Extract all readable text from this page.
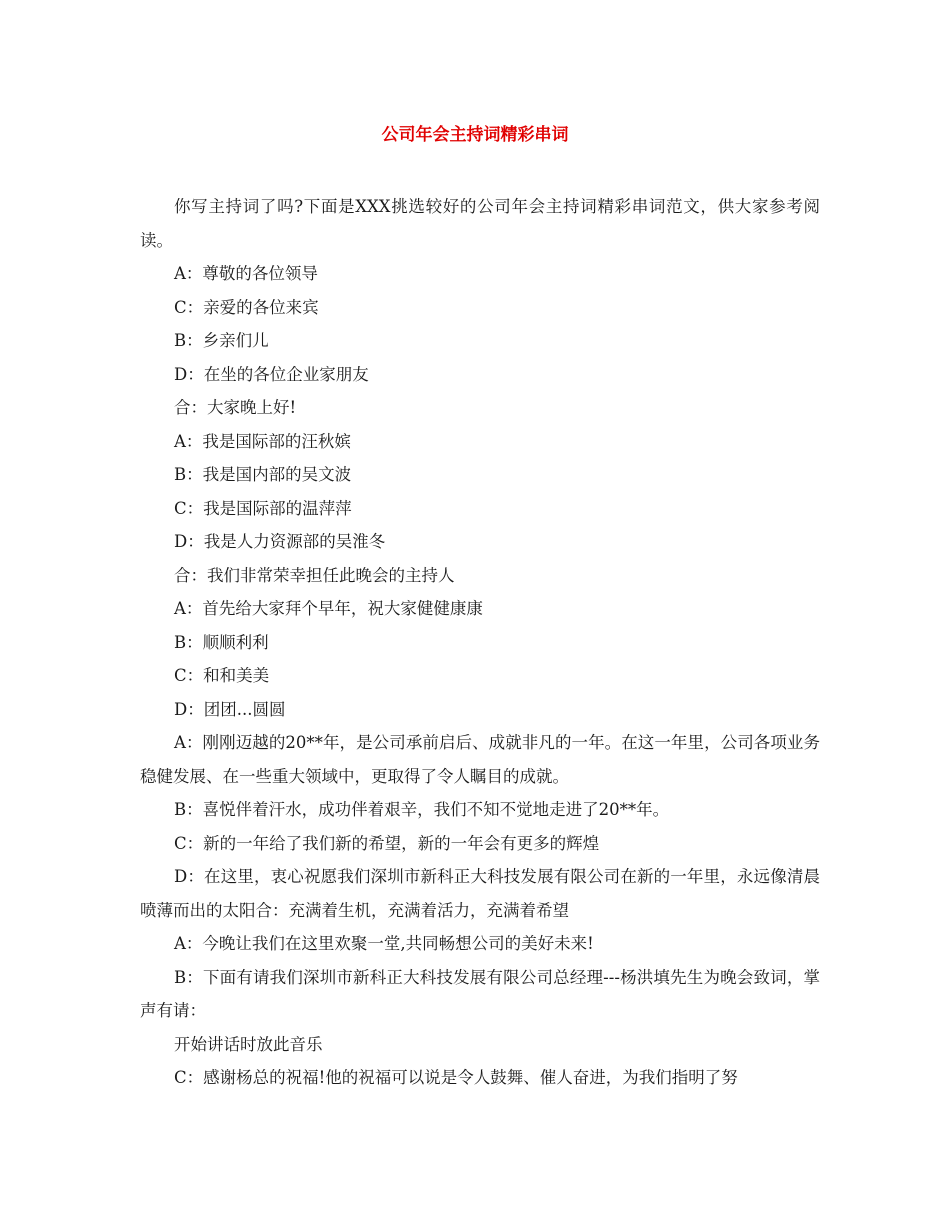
公司年会主持词精彩串词

你写主持词了吗?下面是XXX挑选较好的公司年会主持词精彩串词范文，供大家参考阅读。

A：尊敬的各位领导

C：亲爱的各位来宾

B：乡亲们儿

D：在坐的各位企业家朋友

合：大家晚上好!

A：我是国际部的汪秋嫔

B：我是国内部的吴文波

C：我是国际部的温萍萍

D：我是人力资源部的吴淮冬

合：我们非常荣幸担任此晚会的主持人

A：首先给大家拜个早年，祝大家健健康康

B：顺顺利利

C：和和美美

D：团团...圆圆

A：刚刚迈越的20**年，是公司承前启后、成就非凡的一年。在这一年里，公司各项业务稳健发展、在一些重大领域中，更取得了令人瞩目的成就。

B：喜悦伴着汗水，成功伴着艰辛，我们不知不觉地走进了20**年。

C：新的一年给了我们新的希望，新的一年会有更多的辉煌

D：在这里，衷心祝愿我们深圳市新科正大科技发展有限公司在新的一年里，永远像清晨喷薄而出的太阳合：充满着生机，充满着活力，充满着希望

A：今晚让我们在这里欢聚一堂,共同畅想公司的美好未来!

B：下面有请我们深圳市新科正大科技发展有限公司总经理---杨洪填先生为晚会致词，掌声有请：

开始讲话时放此音乐

C：感谢杨总的祝福!他的祝福可以说是令人鼓舞、催人奋进，为我们指明了努
